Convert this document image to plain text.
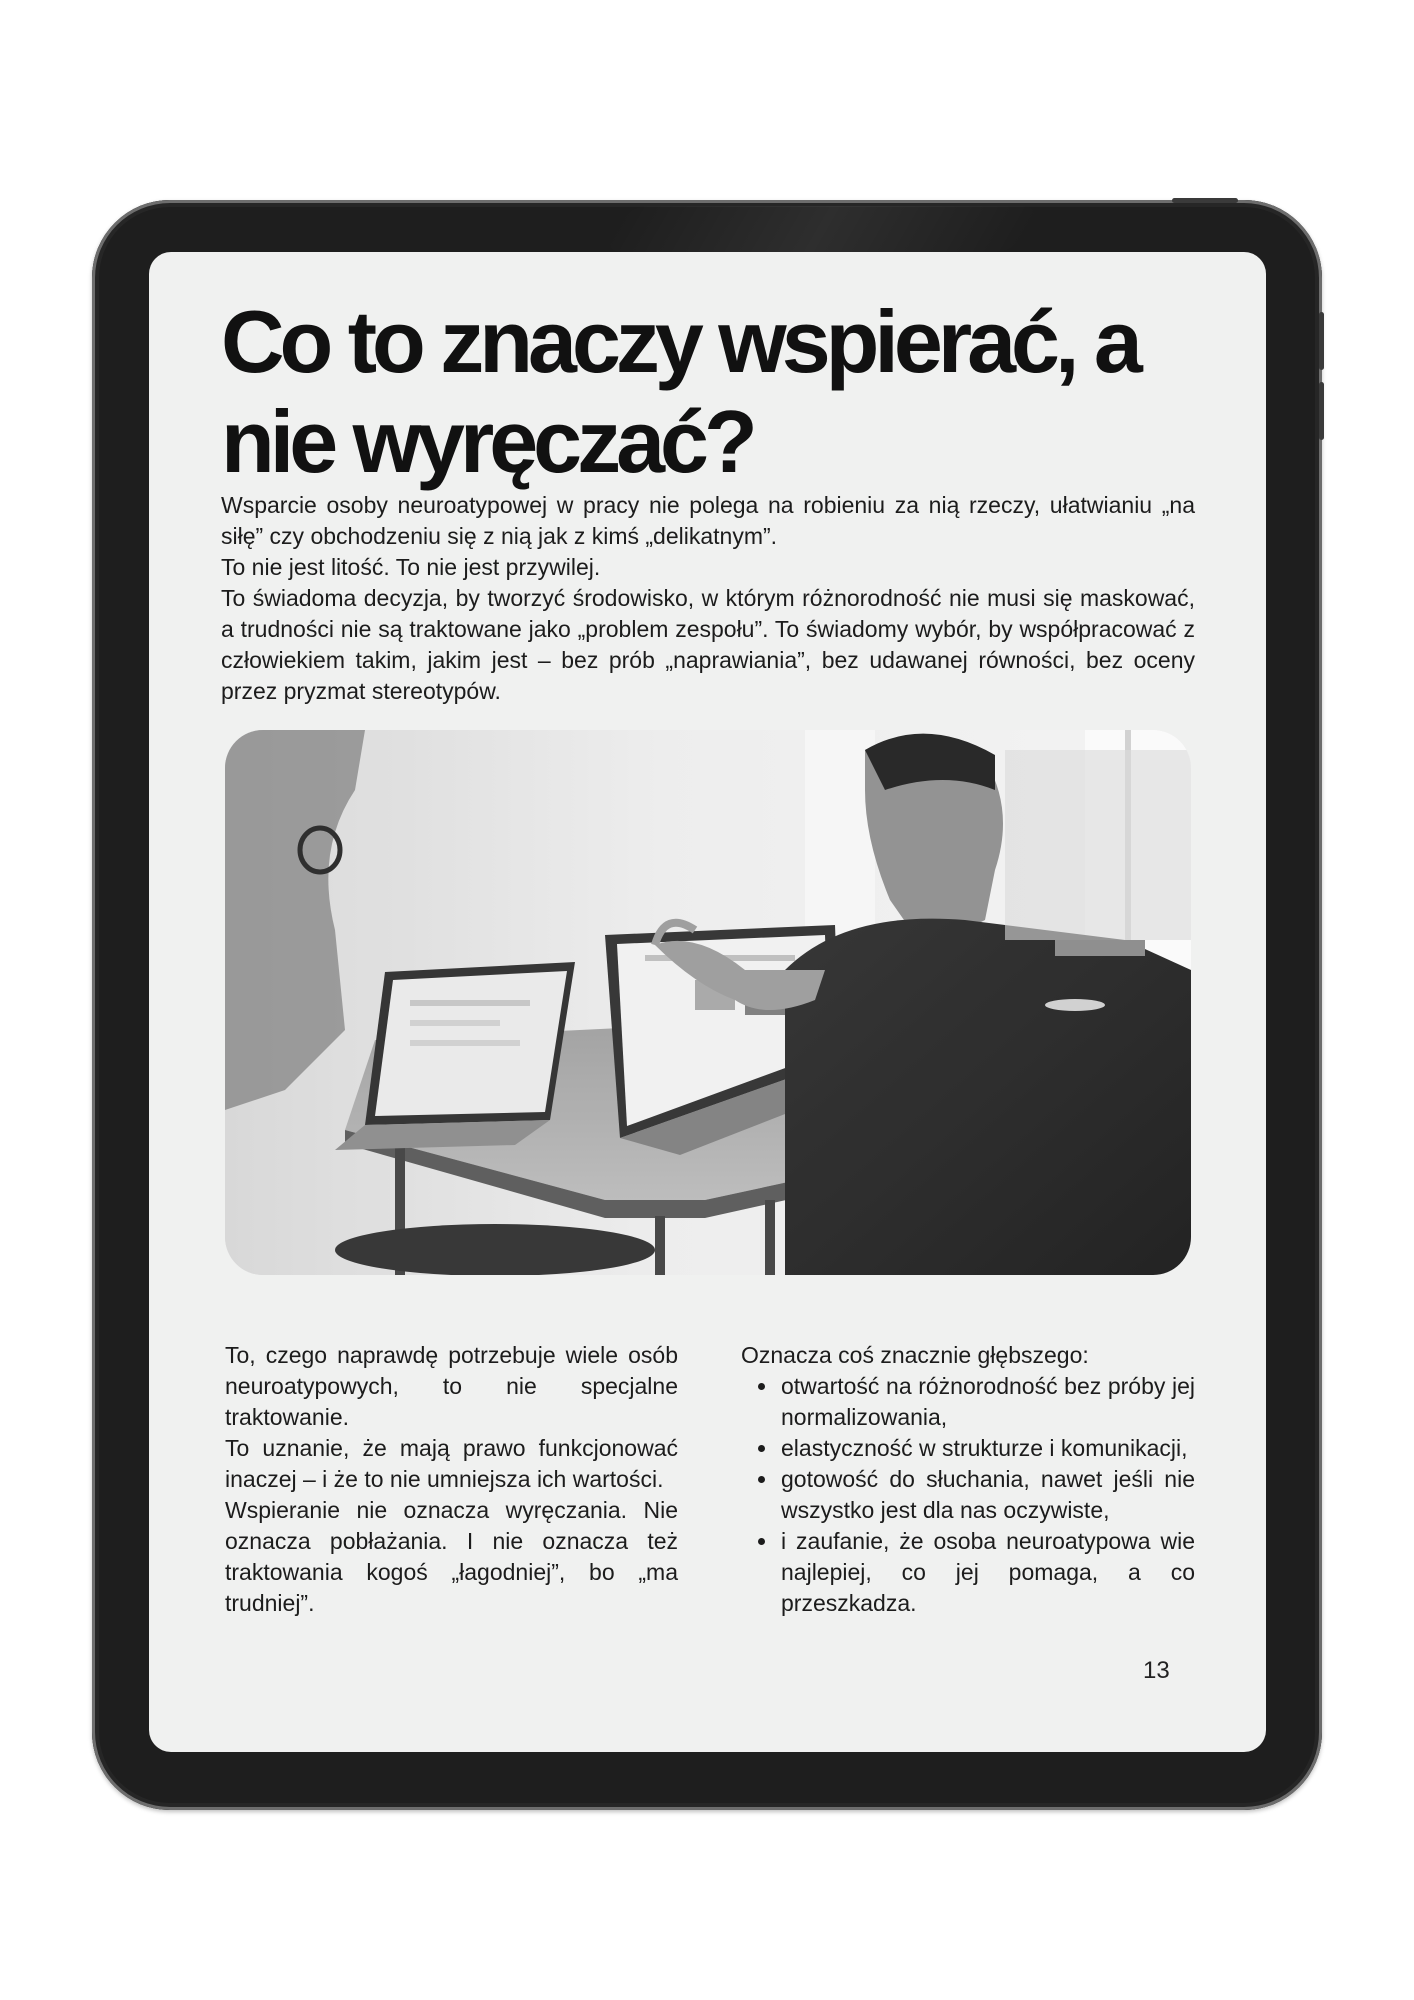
Co to znaczy wspierać, a nie wyręczać?

Wsparcie osoby neuroatypowej w pracy nie polega na robieniu za nią rzeczy, ułatwianiu „na siłę” czy obchodzeniu się z nią jak z kimś „delikatnym”.

To nie jest litość. To nie jest przywilej.

To świadoma decyzja, by tworzyć środowisko, w którym różnorodność nie musi się maskować, a trudności nie są traktowane jako „problem zespołu”. To świadomy wybór, by współpracować z człowiekiem takim, jakim jest – bez prób „naprawiania”, bez udawanej równości, bez oceny przez pryzmat stereotypów.

To, czego naprawdę potrzebuje wiele osób neuroatypowych, to nie specjalne traktowanie.

To uznanie, że mają prawo funkcjonować inaczej – i że to nie umniejsza ich wartości.

Wspieranie nie oznacza wyręczania. Nie oznacza pobłażania. I nie oznacza też traktowania kogoś „łagodniej”, bo „ma trudniej”.

Oznacza coś znacznie głębszego:

• otwartość na różnorodność bez próby jej normalizowania,
• elastyczność w strukturze i komunikacji,
• gotowość do słuchania, nawet jeśli nie wszystko jest dla nas oczywiste,
• i zaufanie, że osoba neuroatypowa wie najlepiej, co jej pomaga, a co przeszkadza.
13
